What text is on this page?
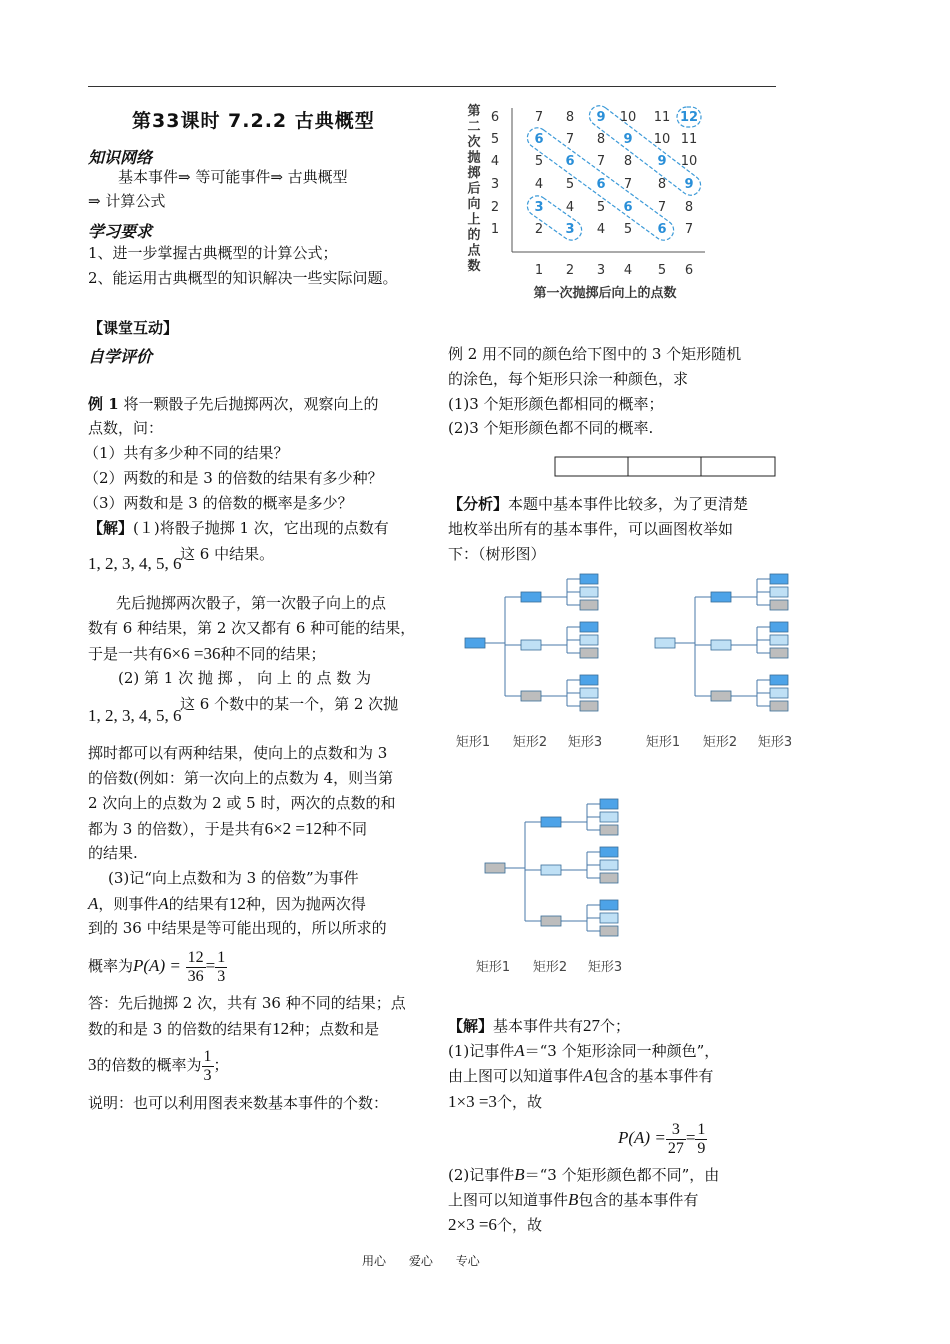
第33课时 7.2.2 古典概型
知识网络
基本事件⇒ 等可能事件⇒ 古典概型
⇒ 计算公式
学习要求
1、进一步掌握古典概型的计算公式；
2、能运用古典概型的知识解决一些实际问题。
【课堂互动】
自学评价
例 1 将一颗骰子先后抛掷两次，观察向上的
点数，问：
（1）共有多少种不同的结果？
（2）两数的和是 3 的倍数的结果有多少种？
（3）两数和是 3 的倍数的概率是多少？
【解】(１)将骰子抛掷 1 次，它出现的点数有
1, 2, 3, 4, 5, 6
这 6 中结果。
先后抛掷两次骰子，第一次骰子向上的点
数有 6 种结果，第 2 次又都有 6 种可能的结果，
于是一共有6×6 =36种不同的结果；
(2) 第 1 次 抛 掷 ， 向 上 的 点 数 为
1, 2, 3, 4, 5, 6
这 6 个数中的某一个，第 2 次抛
掷时都可以有两种结果，使向上的点数和为 3
的倍数(例如：第一次向上的点数为 4，则当第
2 次向上的点数为 2 或 5 时，两次的点数的和
都为 3 的倍数），于是共有6×2 =12种不同
的结果.
(3)记“向上点数和为 3 的倍数”为事件
A，则事件A的结果有12种，因为抛两次得
到的 36 中结果是等可能出现的，所以所求的
概率为$P(A) = \frac{12}{36} = \frac{1}{3}$
答：先后抛掷 2 次，共有 36 种不同的结果；点
数的和是 3 的倍数的结果有12种；点数和是
3的倍数的概率为 $\frac{1}{3}$ ；
说明：也可以利用图表来数基本事件的个数：
第
二
次
抛
掷
后
向
上
的
点
数
7 8 9 10 11 12
6 7 8 9 10 11
5 6 7 8 9 10
4 5 6 7 8 9
3 4 5 6 7 8
2 3 4 5 6 7
6
5
4
3
2
1
1 2 3 4 5 6
第一次抛掷后向上的点数
例 2 用不同的颜色给下图中的 3 个矩形随机
的涂色，每个矩形只涂一种颜色，求
(1)3 个矩形颜色都相同的概率；
(2)3 个矩形颜色都不同的概率.
【分析】本题中基本事件比较多，为了更清楚
地枚举出所有的基本事件，可以画图枚举如
下：（树形图）
矩形1 矩形2 矩形3	矩形1 矩形2 矩形3
矩形1 矩形2 矩形3
【解】基本事件共有27个；
(1)记事件A＝“3 个矩形涂同一种颜色”，
由上图可以知道事件A包含的基本事件有
1×3 =3个，故
$P(A) = \frac{3}{27} = \frac{1}{9}$
(2)记事件B＝“3 个矩形颜色都不同”，由
上图可以知道事件B包含的基本事件有
2×3 =6个，故
用心      爱心      专心
